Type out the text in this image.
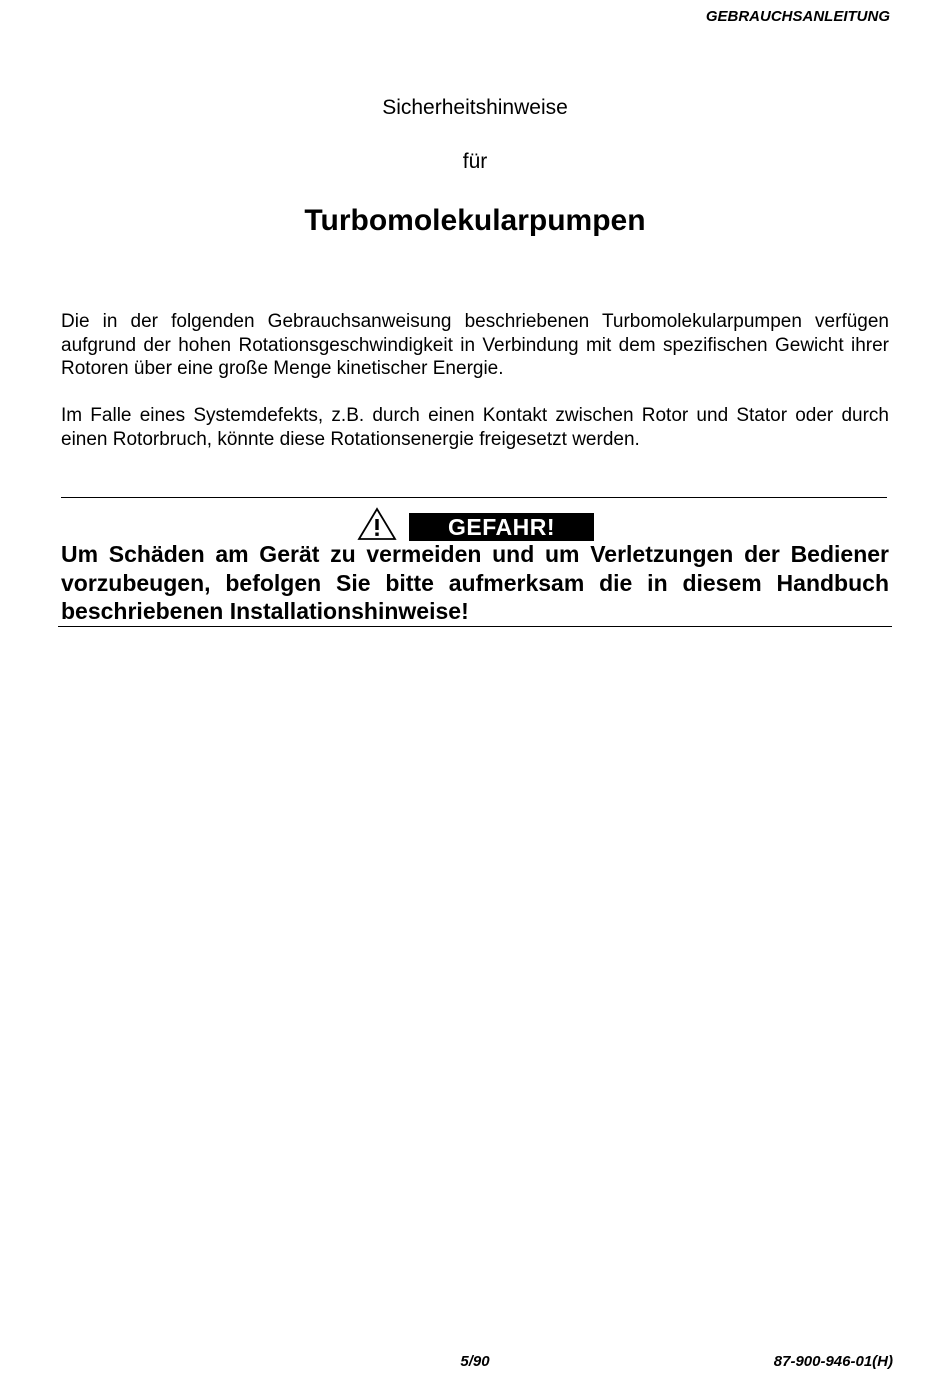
GEBRAUCHSANLEITUNG
Sicherheitshinweise
für
Turbomolekularpumpen
Die in der folgenden Gebrauchsanweisung beschriebenen Turbomolekularpumpen verfügen aufgrund der hohen Rotationsgeschwindigkeit in Verbindung mit dem spezifischen Gewicht ihrer Rotoren über eine große Menge kinetischer Energie.
Im Falle eines Systemdefekts, z.B. durch einen Kontakt zwischen Rotor und Stator oder durch einen Rotorbruch, könnte diese Rotationsenergie freigesetzt werden.
GEFAHR!
Um Schäden am Gerät zu vermeiden und um Verletzungen der Bediener vorzubeugen, befolgen Sie bitte aufmerksam die in diesem Handbuch beschriebenen Installationshinweise!
5/90	87-900-946-01(H)
